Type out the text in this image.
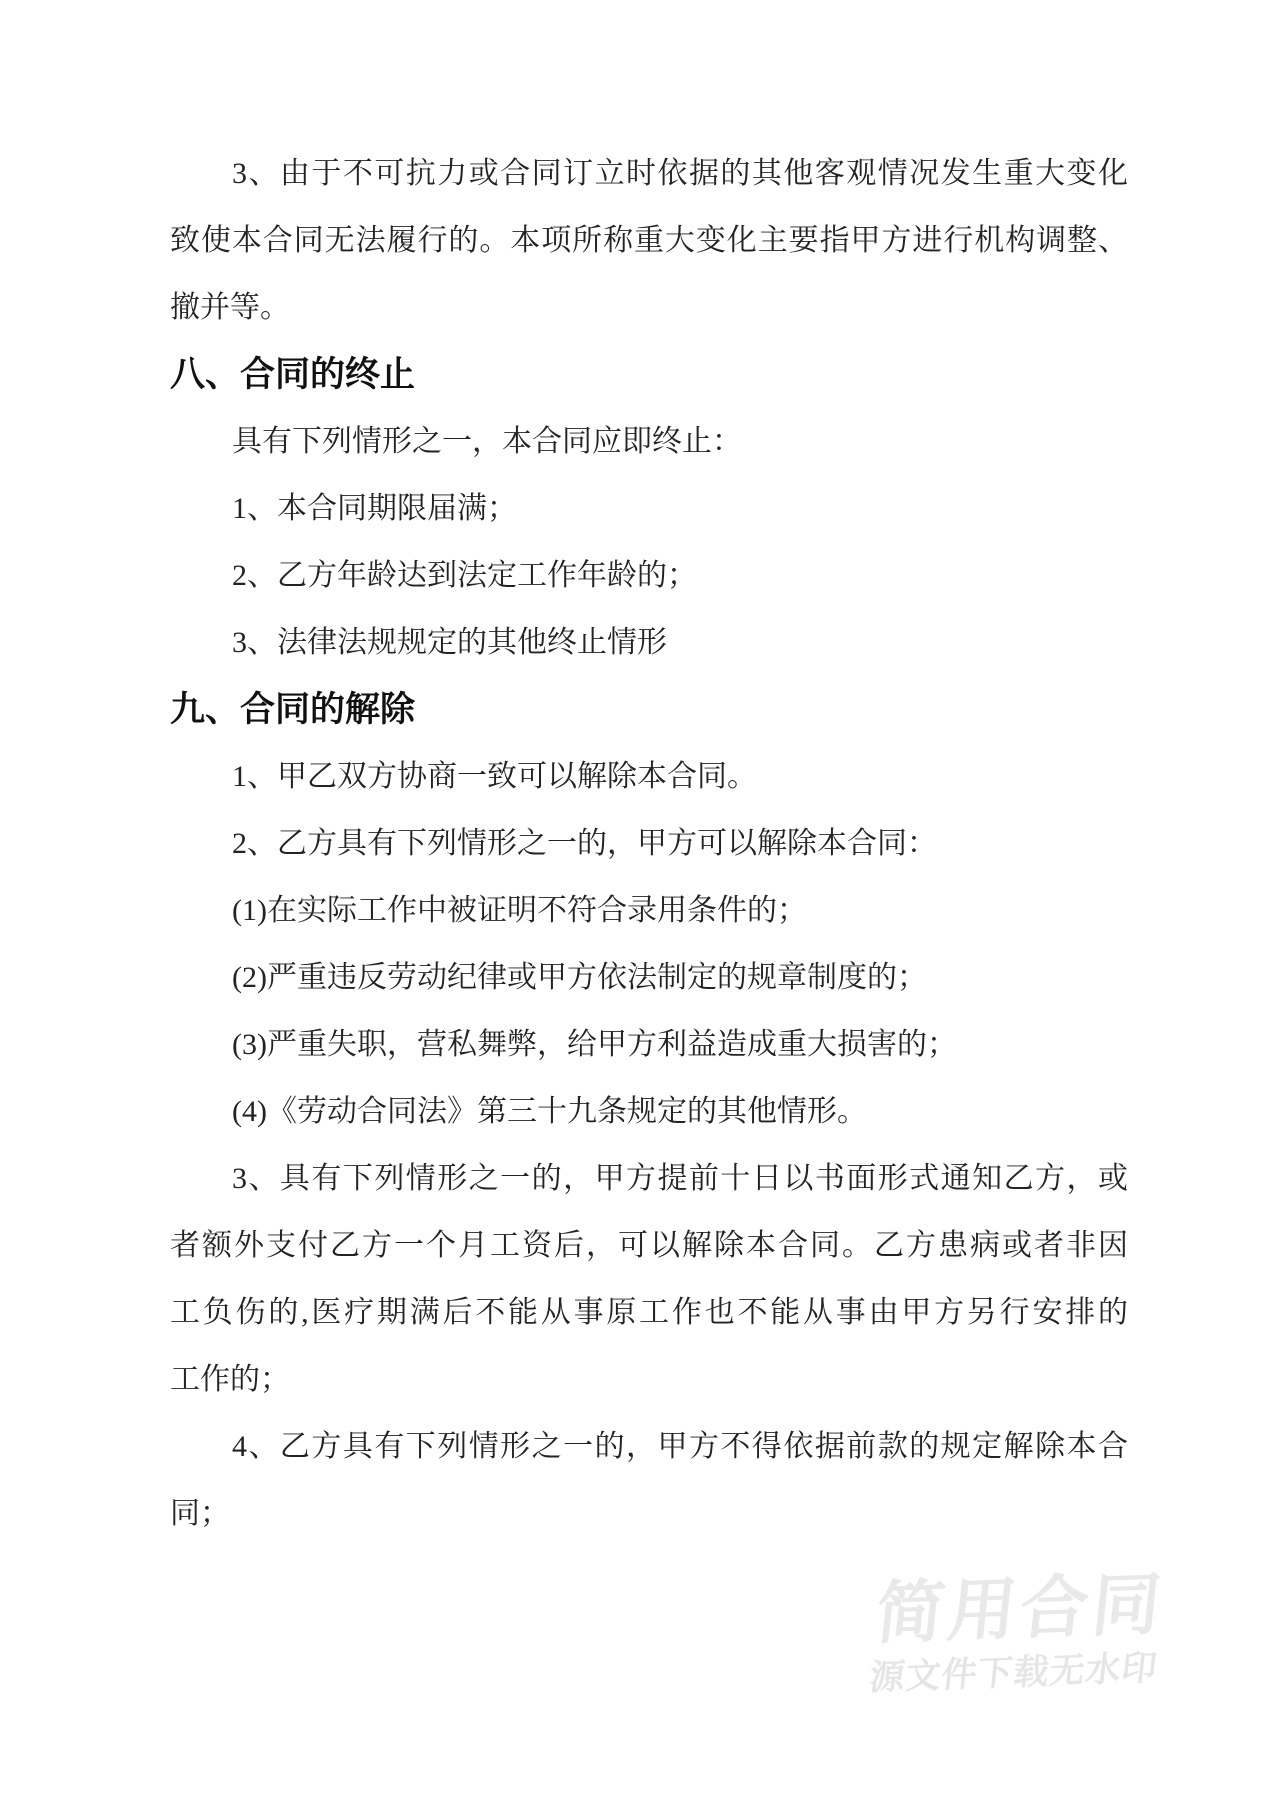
3、由于不可抗力或合同订立时依据的其他客观情况发生重大变化
致使本合同无法履行的。本项所称重大变化主要指甲方进行机构调整、
撤并等。
八、合同的终止
具有下列情形之一，本合同应即终止：
1、本合同期限届满；
2、乙方年龄达到法定工作年龄的；
3、法律法规规定的其他终止情形
九、合同的解除
1、甲乙双方协商一致可以解除本合同。
2、乙方具有下列情形之一的，甲方可以解除本合同：
(1)在实际工作中被证明不符合录用条件的；
(2)严重违反劳动纪律或甲方依法制定的规章制度的；
(3)严重失职，营私舞弊，给甲方利益造成重大损害的；
(4)《劳动合同法》第三十九条规定的其他情形。
3、具有下列情形之一的，甲方提前十日以书面形式通知乙方，或
者额外支付乙方一个月工资后，可以解除本合同。乙方患病或者非因
工负伤的,医疗期满后不能从事原工作也不能从事由甲方另行安排的
工作的；
4、乙方具有下列情形之一的，甲方不得依据前款的规定解除本合
同；
简用合同
源文件下载无水印
